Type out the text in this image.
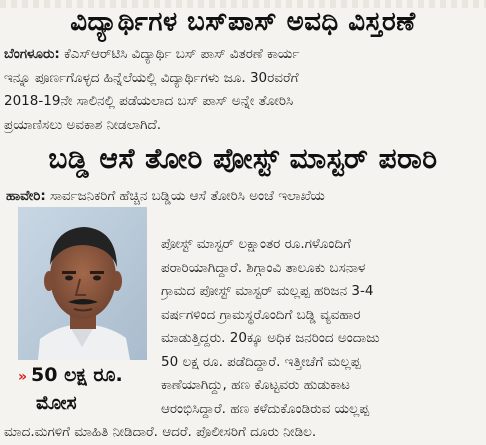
ವಿದ್ಯಾರ್ಥಿಗಳ ಬಸ್‌ಪಾಸ್ ಅವಧಿ ವಿಸ್ತರಣೆ
ಬೆಂಗಳೂರು: ಕೆಎಸ್ಆರ್‌ಟಿಸಿ ವಿದ್ಯಾರ್ಥಿ ಬಸ್ ಪಾಸ್ ವಿತರಣೆ ಕಾರ್ಯ
ಇನ್ನೂ ಪೂರ್ಣಗೊಳ್ಳದ ಹಿನ್ನೆಲೆಯಲ್ಲಿ ವಿದ್ಯಾರ್ಥಿಗಳು ಜೂ. 30ರವರೆಗೆ
2018-19ನೇ ಸಾಲಿನಲ್ಲಿ ಪಡೆಯಲಾದ ಬಸ್ ಪಾಸ್ ಅನ್ನೇ ತೋರಿಸಿ
ಪ್ರಯಾಣಿಸಲು ಅವಕಾಶ ನೀಡಲಾಗಿದೆ.
ಬಡ್ಡಿ ಆಸೆ ತೋರಿ ಪೋಸ್ಟ್ ಮಾಸ್ಟರ್ ಪರಾರಿ
ಹಾವೇರಿ: ಸಾರ್ವಜನಿಕರಿಗೆ ಹೆಚ್ಚಿನ ಬಡ್ಡಿಯ ಆಸೆ ತೋರಿಸಿ ಅಂಚೆ ಇಲಾಖೆಯ
» 50 ಲಕ್ಷ ರೂ.
ಮೋಸ
ಪೋಸ್ಟ್ ಮಾಸ್ಟರ್ ಲಕ್ಷಾಂತರ ರೂ.ಗಳೊಂದಿಗೆ
ಪರಾರಿಯಾಗಿದ್ದಾರೆ. ಶಿಗ್ಗಾಂವಿ ತಾಲೂಕು ಬಸನಾಳ
ಗ್ರಾಮದ ಪೋಸ್ಟ್ ಮಾಸ್ಟರ್ ಮಲ್ಲಪ್ಪ ಹರಿಜನ 3-4
ವರ್ಷಗಳಿಂದ ಗ್ರಾಮಸ್ಥರೊಂದಿಗೆ ಬಡ್ಡಿ ವ್ಯವಹಾರ
ಮಾಡುತ್ತಿದ್ದರು. 20ಕ್ಕೂ ಅಧಿಕ ಜನರಿಂದ ಅಂದಾಜು
50 ಲಕ್ಷ ರೂ. ಪಡೆದಿದ್ದಾರೆ. ಇತ್ತೀಚೆಗೆ ಮಲ್ಲಪ್ಪ
ಕಾಣೆಯಾಗಿದ್ದು, ಹಣ ಕೊಟ್ಟವರು ಹುಡುಕಾಟ
ಆರಂಭಿಸಿದ್ದಾರೆ. ಹಣ ಕಳೆದುಕೊಂಡಿರುವ ಯಲ್ಲಪ್ಪ
ಮಾದ.ಮಗಳಿಗೆ ಮಾಹಿತಿ ನೀಡಿದಾರೆ. ಆದರೆ. ಪೊಲೀಸರಿಗೆ ದೂರು ನೀಡಿಲ.
